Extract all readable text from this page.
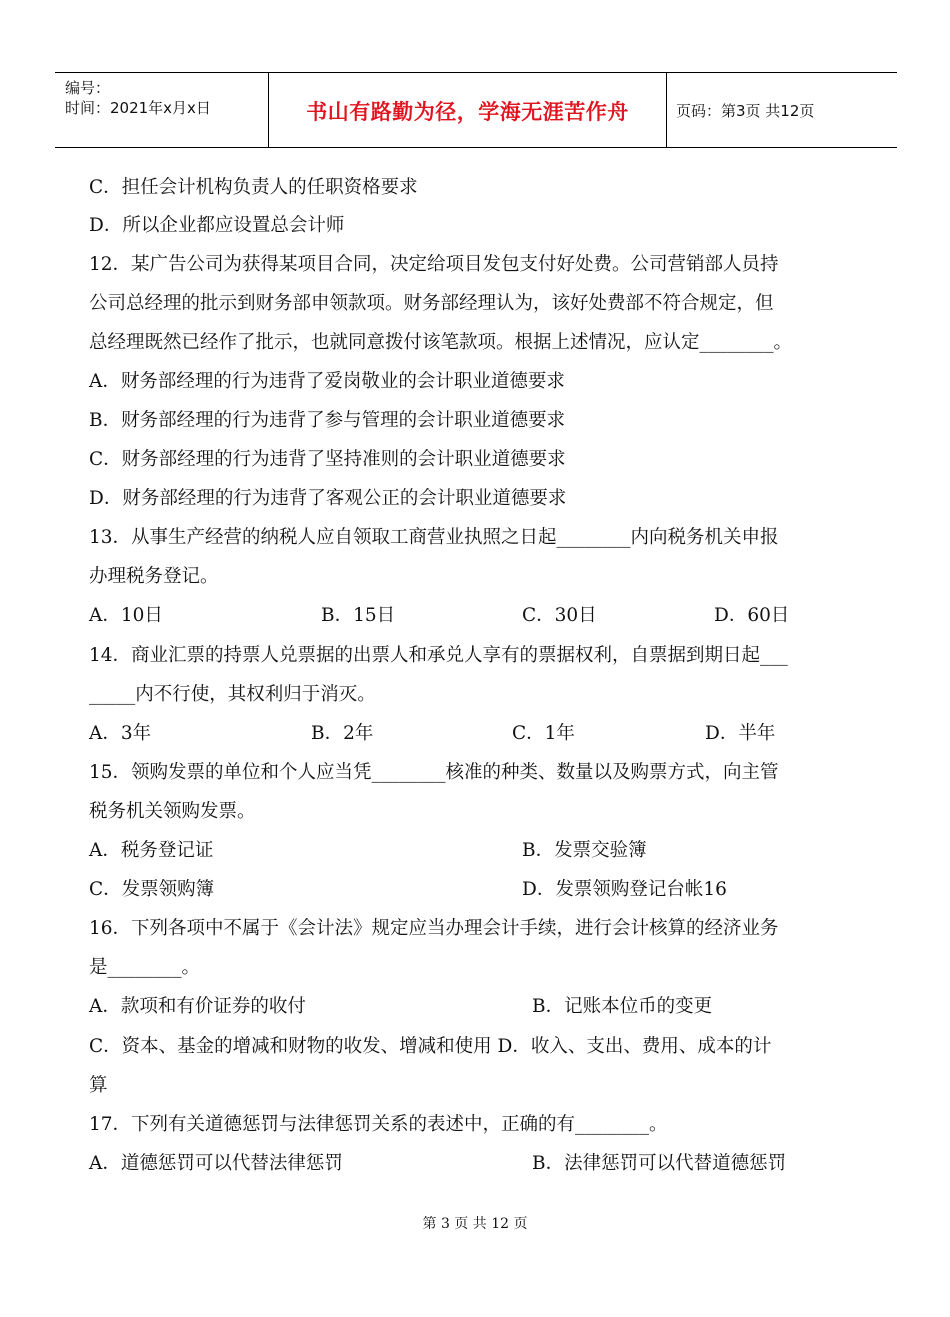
编号：
时间：2021年x月x日	书山有路勤为径，学海无涯苦作舟	页码：第3页 共12页
C．担任会计机构负责人的任职资格要求
D．所以企业都应设置总会计师
12．某广告公司为获得某项目合同，决定给项目发包支付好处费。公司营销部人员持
公司总经理的批示到财务部申领款项。财务部经理认为，该好处费部不符合规定，但
总经理既然已经作了批示，也就同意拨付该笔款项。根据上述情况，应认定________。
A．财务部经理的行为违背了爱岗敬业的会计职业道德要求
B．财务部经理的行为违背了参与管理的会计职业道德要求
C．财务部经理的行为违背了坚持准则的会计职业道德要求
D．财务部经理的行为违背了客观公正的会计职业道德要求
13．从事生产经营的纳税人应自领取工商营业执照之日起________内向税务机关申报
办理税务登记。
A．10日	B．15日	C．30日	D．60日
14．商业汇票的持票人兑票据的出票人和承兑人享有的票据权利，自票据到期日起___
_____内不行使，其权利归于消灭。
A．3年	B．2年	C．1年	D．半年
15．领购发票的单位和个人应当凭________核准的种类、数量以及购票方式，向主管
税务机关领购发票。
A．税务登记证	B．发票交验簿
C．发票领购簿	D．发票领购登记台帐16
16．下列各项中不属于《会计法》规定应当办理会计手续，进行会计核算的经济业务
是________。
A．款项和有价证券的收付	B．记账本位币的变更
C．资本、基金的增减和财物的收发、增减和使用 D．收入、支出、费用、成本的计
算
17．下列有关道德惩罚与法律惩罚关系的表述中，正确的有________。
A．道德惩罚可以代替法律惩罚	B．法律惩罚可以代替道德惩罚
第 3 页 共 12 页
